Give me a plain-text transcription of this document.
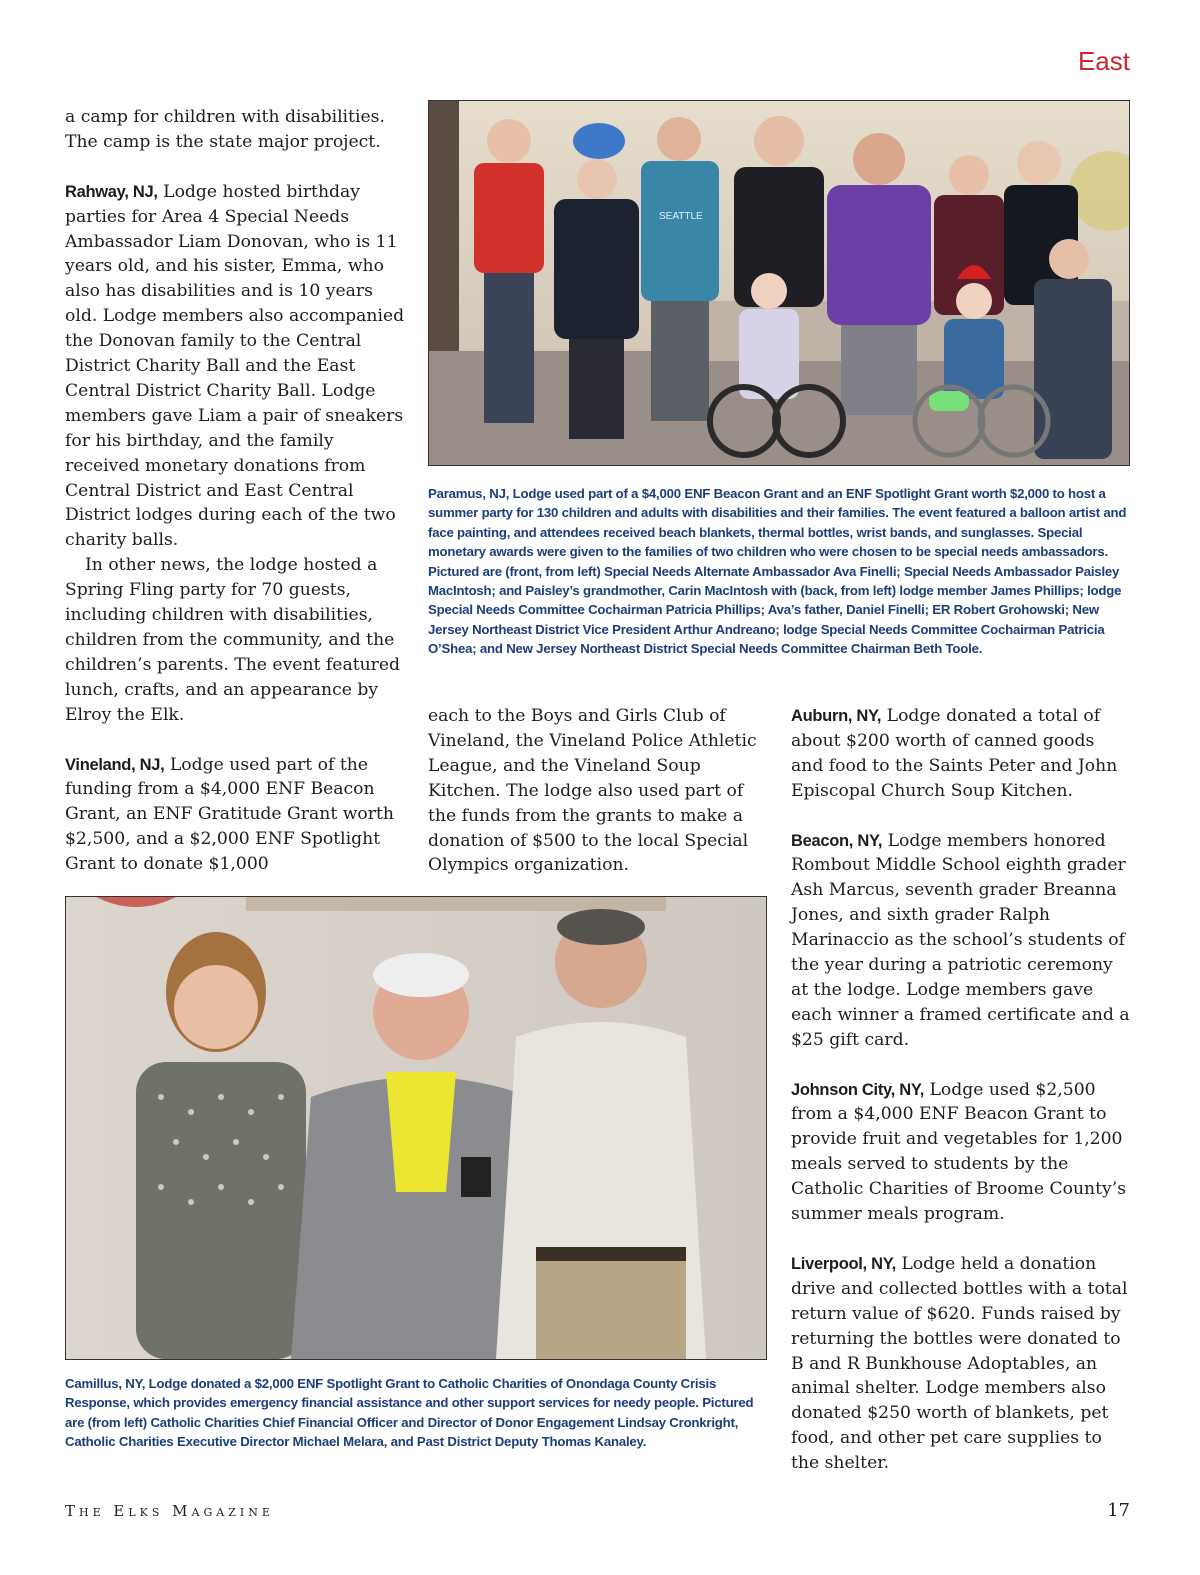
East

a camp for children with disabilities. The camp is the state major project.

Rahway, NJ, Lodge hosted birthday parties for Area 4 Special Needs Ambassador Liam Donovan, who is 11 years old, and his sister, Emma, who also has disabilities and is 10 years old. Lodge members also accompanied the Donovan family to the Central District Charity Ball and the East Central District Charity Ball. Lodge members gave Liam a pair of sneakers for his birthday, and the family received monetary donations from Central District and East Central District lodges during each of the two charity balls.

In other news, the lodge hosted a Spring Fling party for 70 guests, including children with disabilities, children from the community, and the children’s parents. The event featured lunch, crafts, and an appearance by Elroy the Elk.

Vineland, NJ, Lodge used part of the funding from a $4,000 ENF Beacon Grant, an ENF Gratitude Grant worth $2,500, and a $2,000 ENF Spotlight Grant to donate $1,000

SEATTLE
Paramus, NJ, Lodge used part of a $4,000 ENF Beacon Grant and an ENF Spotlight Grant worth $2,000 to host a summer party for 130 children and adults with disabilities and their families. The event featured a balloon artist and face painting, and attendees received beach blankets, thermal bottles, wrist bands, and sunglasses. Special monetary awards were given to the families of two children who were chosen to be special needs ambassadors. Pictured are (front, from left) Special Needs Alternate Ambassador Ava Finelli; Special Needs Ambassador Paisley MacIntosh; and Paisley’s grandmother, Carin MacIntosh with (back, from left) lodge member James Phillips; lodge Special Needs Committee Cochairman Patricia Phillips; Ava’s father, Daniel Finelli; ER Robert Grohowski; New Jersey Northeast District Vice President Arthur Andreano; lodge Special Needs Committee Cochairman Patricia O’Shea; and New Jersey Northeast District Special Needs Committee Chairman Beth Toole.

each to the Boys and Girls Club of Vineland, the Vineland Police Athletic League, and the Vineland Soup Kitchen. The lodge also used part of the funds from the grants to make a donation of $500 to the local Special Olympics organization.

Auburn, NY, Lodge donated a total of about $200 worth of canned goods and food to the Saints Peter and John Episcopal Church Soup Kitchen.

Beacon, NY, Lodge members honored Rombout Middle School eighth grader Ash Marcus, seventh grader Breanna Jones, and sixth grader Ralph Marinaccio as the school’s students of the year during a patriotic ceremony at the lodge. Lodge members gave each winner a framed certificate and a $25 gift card.

Johnson City, NY, Lodge used $2,500 from a $4,000 ENF Beacon Grant to provide fruit and vegetables for 1,200 meals served to students by the Catholic Charities of Broome County’s summer meals program.

Liverpool, NY, Lodge held a donation drive and collected bottles with a total return value of $620. Funds raised by returning the bottles were donated to B and R Bunkhouse Adoptables, an animal shelter. Lodge members also donated $250 worth of blankets, pet food, and other pet care supplies to the shelter.

Camillus, NY, Lodge donated a $2,000 ENF Spotlight Grant to Catholic Charities of Onondaga County Crisis Response, which provides emergency financial assistance and other support services for needy people. Pictured are (from left) Catholic Charities Chief Financial Officer and Director of Donor Engagement Lindsay Cronkright, Catholic Charities Executive Director Michael Melara, and Past District Deputy Thomas Kanaley.
The Elks Magazine	17
